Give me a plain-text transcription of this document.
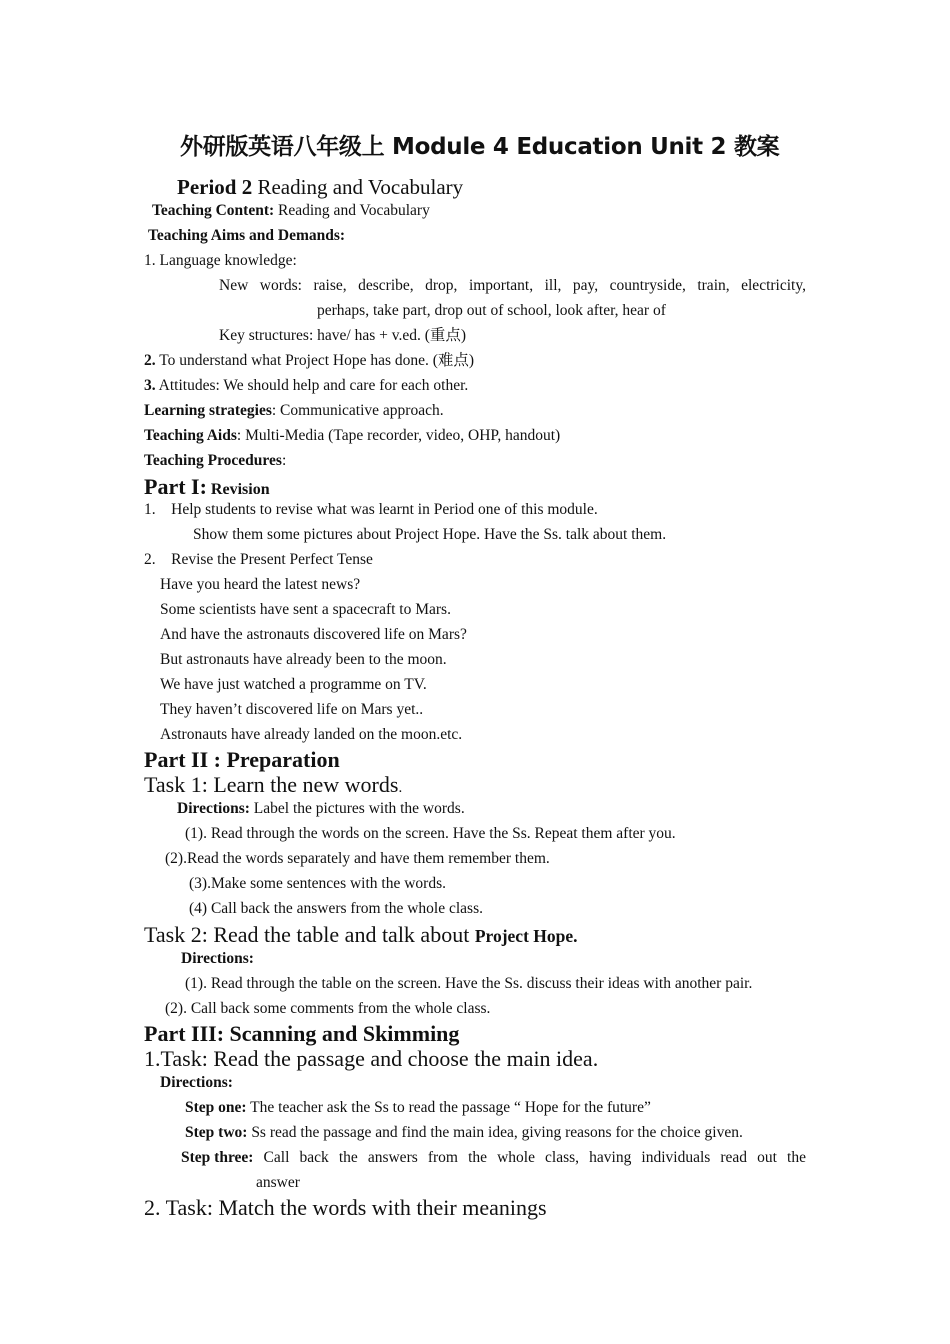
外研版英语八年级上 Module 4 Education Unit 2 教案
Period 2 Reading and Vocabulary
Teaching Content: Reading and Vocabulary
Teaching Aims and Demands:
1. Language knowledge:
New words: raise, describe, drop, important, ill, pay, countryside, train, electricity,
perhaps, take part, drop out of school, look after, hear of
Key structures: have/ has + v.ed. (重点)
2. To understand what Project Hope has done. (难点)
3. Attitudes: We should help and care for each other.
Learning strategies: Communicative approach.
Teaching Aids: Multi-Media (Tape recorder, video, OHP, handout)
Teaching Procedures:
Part I: Revision
1.    Help students to revise what was learnt in Period one of this module.
Show them some pictures about Project Hope. Have the Ss. talk about them.
2.    Revise the Present Perfect Tense
Have you heard the latest news?
Some scientists have sent a spacecraft to Mars.
And have the astronauts discovered life on Mars?
But astronauts have already been to the moon.
We have just watched a programme on TV.
They haven’t discovered life on Mars yet..
Astronauts have already landed on the moon.etc.
Part II : Preparation
Task 1: Learn the new words.
Directions: Label the pictures with the words.
(1). Read through the words on the screen. Have the Ss. Repeat them after you.
(2).Read the words separately and have them remember them.
(3).Make some sentences with the words.
(4) Call back the answers from the whole class.
Task 2: Read the table and talk about Project Hope.
Directions:
(1). Read through the table on the screen. Have the Ss. discuss their ideas with another pair.
(2). Call back some comments from the whole class.
Part III: Scanning and Skimming
1.Task: Read the passage and choose the main idea.
Directions:
Step one: The teacher ask the Ss to read the passage “ Hope for the future”
Step two: Ss read the passage and find the main idea, giving reasons for the choice given.
Step three: Call back the answers from the whole class, having individuals read out the
answer
2. Task: Match the words with their meanings
